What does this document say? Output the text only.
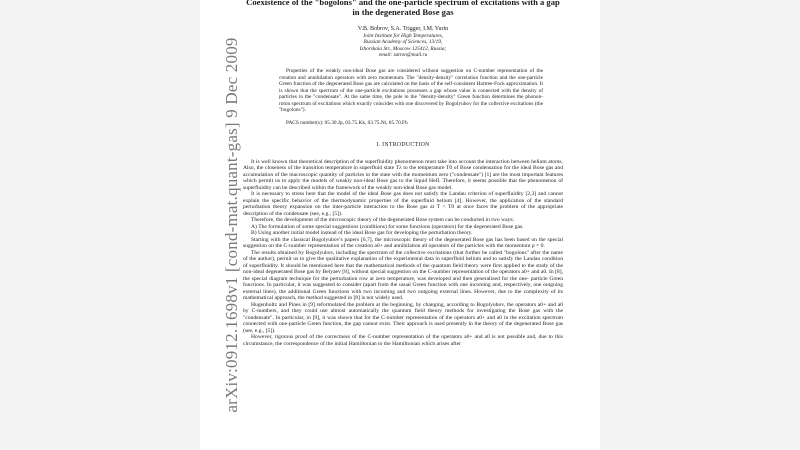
arXiv:0912.1698v1 [cond-mat.quant-gas] 9 Dec 2009
Coexistence of the "bogolons" and the one-particle spectrum of excitations with a gap in the degenerated Bose gas
V.B. Bobrov, S.A. Trigger, I.M. Yurin
Joint Institute for High Temperatures,
Russian Academy of Sciences, 13/19,
Izhorskaia Str., Moscow 125412, Russia;
email: satron@mail.ru
Properties of the weakly non-ideal Bose gas are considered without suggestion on C-number representation of the creation and annihilation operators with zero momentum. The "density-density" correlation function and the one-particle Green function of the degenerated Bose gas are calculated on the basis of the self-consistent Hartree-Fock approximation. It is shown that the spectrum of the one-particle excitations possesses a gap whose value is connected with the density of particles in the "condensate". At the same time, the pole in the "density-density" Green function determines the phonon-roton spectrum of excitations which exactly coincides with one discovered by Bogolyubov for the collective excitations (the "bogolons").
PACS number(s): 05.30.Jp, 03.75.Kk, 03.75.Nt, 05.70.Fh
I. INTRODUCTION

It is well known that theoretical description of the superfluidity phenomenon must take into account the interaction between helium atoms. Also, the closeness of the transition temperature in superfluid state Tλ to the temperature T0 of Bose condensation for the ideal Bose gas and accumulation of the macroscopic quantity of particles in the state with the momentum zero ("condensate") [1] are the most important features which permit us to apply the models of weakly non-ideal Bose gas to the liquid HeII. Therefore, it seems possible that the phenomenon of superfluidity can be described within the framework of the weakly non-ideal Bose gas model.

It is necessary to stress here that the model of the ideal Bose gas does not satisfy the Landau criterion of superfluidity [2,3] and cannot explain the specific behavior of the thermodynamic properties of the superfluid helium [4]. However, the application of the standard perturbation theory expansion on the inter-particle interaction to the Bose gas at T < T0 at once faces the problem of the appropriate description of the condensate (see, e.g., [5]).

Therefore, the development of the microscopic theory of the degenerated Bose system can be conducted in two ways:

A) The formulation of some special suggestions (conditions) for some functions (operators) for the degenerated Bose gas.

B) Using another initial model instead of the ideal Bose gas for developing the perturbation theory.

Starting with the classical Bogolyubov's papers [6,7], the microscopic theory of the degenerated Bose gas has been based on the special suggestion on the C-number representation of the creation a0+ and annihilation a0 operators of the particles with the momentum p = 0.

The results obtained by Bogolyubov, including the spectrum of the collective excitations (that further be called "bogolons" after the name of the author), permit us to give the qualitative explanation of the experimental data in superfluid helium and to satisfy the Landau condition of superfluidity. It should be mentioned here that the mathematical methods of the quantum field theory were first applied to the study of the non-ideal degenerated Bose gas by Belyaev [8], without special suggestion on the C-number representation of the operators a0+ and a0. In [8], the special diagram technique for the perturbation row at zero temperature, was developed and then generalized for the one- particle Green functions. In particular, it was suggested to consider (apart from the usual Green function with one incoming and, respectively, one outgoing external lines), the additional Green functions with two incoming and two outgoing external lines. However, due to the complexity of its mathematical approach, the method suggested in [8] is not widely used.

Hugenholtz and Pines in [9] reformulated the problem at the beginning, by changing, according to Bogolyubov, the operators a0+ and a0 by C-numbers, and they could use almost automatically the quantum field theory methods for investigating the Bose gas with the "condensate". In particular, in [9], it was shown that for the C-number representation of the operators a0+ and a0 in the excitation spectrum connected with one-particle Green function, the gap cannot exist. Their approach is used presently in the theory of the degenerated Bose gas (see, e.g., [5]).

However, rigorous proof of the correctness of the C-number representation of the operators a0+ and a0 is not possible and, due to this circumstance, the correspondence of the initial Hamiltonian to the Hamiltonian which arises after
